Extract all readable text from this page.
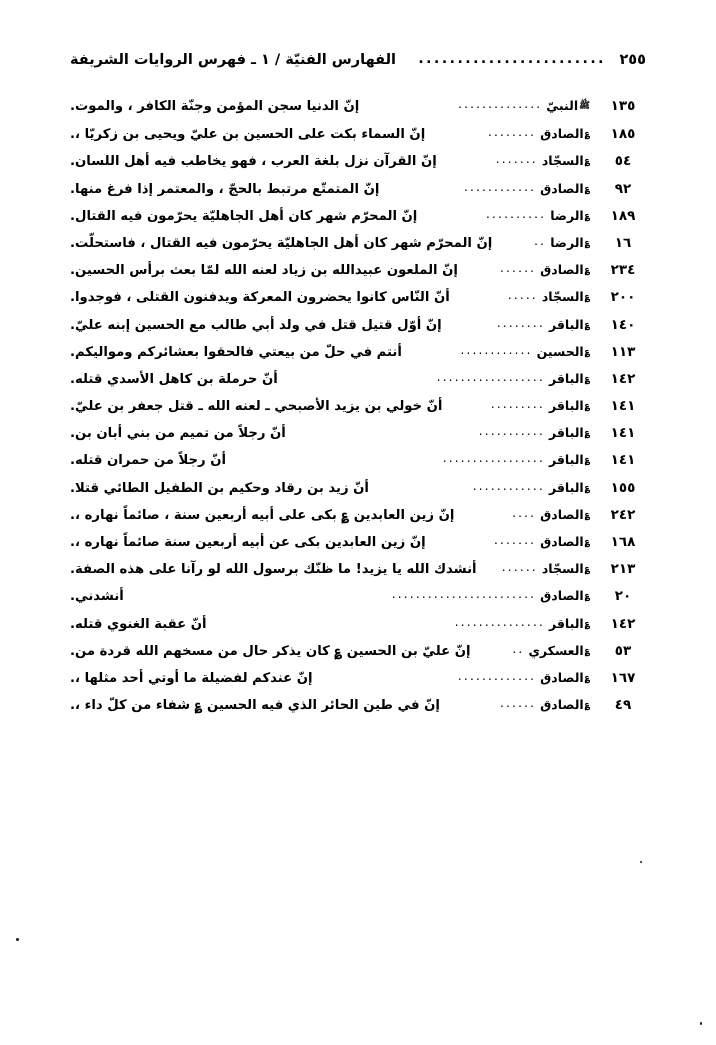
٢٥٥
........................
الفهارس الفنيّة / ١ ـ فهرس الروايات الشريفة
١٣٥
ﷺ
النبيّ
..............
إنّ الدنيا سجن المؤمن وجنّة الكافر ، والموت.
١٨٥
؏
الصادق
........
إنّ السماء بكت على الحسين بن عليّ ويحيى بن زكريّا ،.
٥٤
؏
السجّاد
.......
إنّ القرآن نزل بلغة العرب ، فهو يخاطب فيه أهل اللسان.
٩٢
؏
الصادق
............
إنّ المتمتّع مرتبط بالحجّ ، والمعتمر إذا فرغ منها.
١٨٩
؏
الرضا
..........
إنّ المحرّم شهر كان أهل الجاهليّة يحرّمون فيه القتال.
١٦
؏
الرضا
..
إنّ المحرّم شهر كان أهل الجاهليّة يحرّمون فيه القتال ، فاستحلّت.
٢٣٤
؏
الصادق
......
إنّ الملعون عبيدالله بن زياد لعنه الله لمّا بعث برأس الحسين.
٢٠٠
؏
السجّاد
.....
أنّ النّاس كانوا يحضرون المعركة ويدفنون القتلى ، فوجدوا.
١٤٠
؏
الباقر
........
إنّ أوّل قتيل قتل في ولد أبي طالب مع الحسين إبنه عليّ.
١١٣
؏
الحسين
............
أنتم في حلّ من بيعتي فالحقوا بعشائركم ومواليكم.
١٤٢
؏
الباقر
..................
أنّ حرملة بن كاهل الأسدي قتله.
١٤١
؏
الباقر
.........
أنّ خولي بن يزيد الأصبحي ـ لعنه الله ـ قتل جعفر بن عليّ.
١٤١
؏
الباقر
...........
أنّ رجلاً من تميم من بني أبان بن.
١٤١
؏
الباقر
.................
أنّ رجلاً من حمران قتله.
١٥٥
؏
الباقر
............
أنّ زيد بن رقاد وحكيم بن الطفيل الطائي قتلا.
٢٤٢
؏
الصادق
....
إنّ زين العابدين ؏ بكى على أبيه أربعين سنة ، صائماً نهاره ،.
١٦٨
؏
الصادق
.......
إنّ زين العابدين بكى عن أبيه أربعين سنة صائماً نهاره ،.
٢١٣
؏
السجّاد
......
أنشدك الله يا يزيد! ما ظنّك برسول الله لو رآنا على هذه الصفة.
٢٠
؏
الصادق
........................
أنشدني.
١٤٢
؏
الباقر
...............
أنّ عقبة الغنوي قتله.
٥٣
؏
العسكري
..
إنّ عليّ بن الحسين ؏ كان يذكر حال من مسخهم الله قردة من.
١٦٧
؏
الصادق
.............
إنّ عندكم لفضيلة ما أوتي أحد مثلها ،.
٤٩
؏
الصادق
......
إنّ في طين الحائر الذي فيه الحسين ؏ شفاء من كلّ داء ،.
